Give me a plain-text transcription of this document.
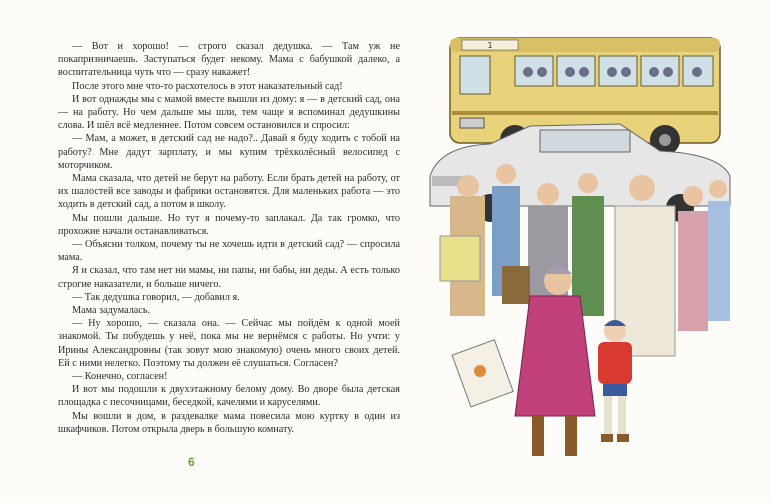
— Вот и хорошо! — строго сказал дедушка. — Там уж не покапризничаешь. Заступаться будет некому. Мама с бабушкой далеко, а воспитательница чуть что — сразу накажет!

После этого мне что-то расхотелось в этот наказательный сад!

И вот однажды мы с мамой вместе вышли из дому: я — в детский сад, она — на работу. Но чем дальше мы шли, тем чаще я вспоминал дедушкины слова. И шёл всё медленнее. Потом совсем остановился и спросил:

— Мам, а может, в детский сад не надо?.. Давай я буду ходить с тобой на работу? Мне дадут зарплату, и мы купим трёхколёсный велосипед с моторчиком.

Мама сказала, что детей не берут на работу. Если брать детей на работу, от их шалостей все заводы и фабрики остановятся. Для маленьких работа — это ходить в детский сад, а потом в школу.

Мы пошли дальше. Но тут я почему-то заплакал. Да так громко, что прохожие начали останавливаться.

— Объясни толком, почему ты не хочешь идти в детский сад? — спросила мама.

Я и сказал, что там нет ни мамы, ни папы, ни бабы, ни деды. А есть только строгие наказатели, и больше ничего.

— Так дедушка говорил, — добавил я.

Мама задумалась.

— Ну хорошо, — сказала она. — Сейчас мы пойдём к одной моей знакомой. Ты побудешь у неё, пока мы не вернёмся с работы. Но учти: у Ирины Александровны (так зовут мою знакомую) очень много своих детей. Ей с ними нелегко. Поэтому ты должен её слушаться. Согласен?

— Конечно, согласен!

И вот мы подошли к двухэтажному белому дому. Во дворе была детская площадка с песочницами, беседкой, качелями и каруселями.

Мы вошли в дом, в раздевалке мама повесила мою куртку в один из шкафчиков. Потом открыла дверь в большую комнату.

6
1
